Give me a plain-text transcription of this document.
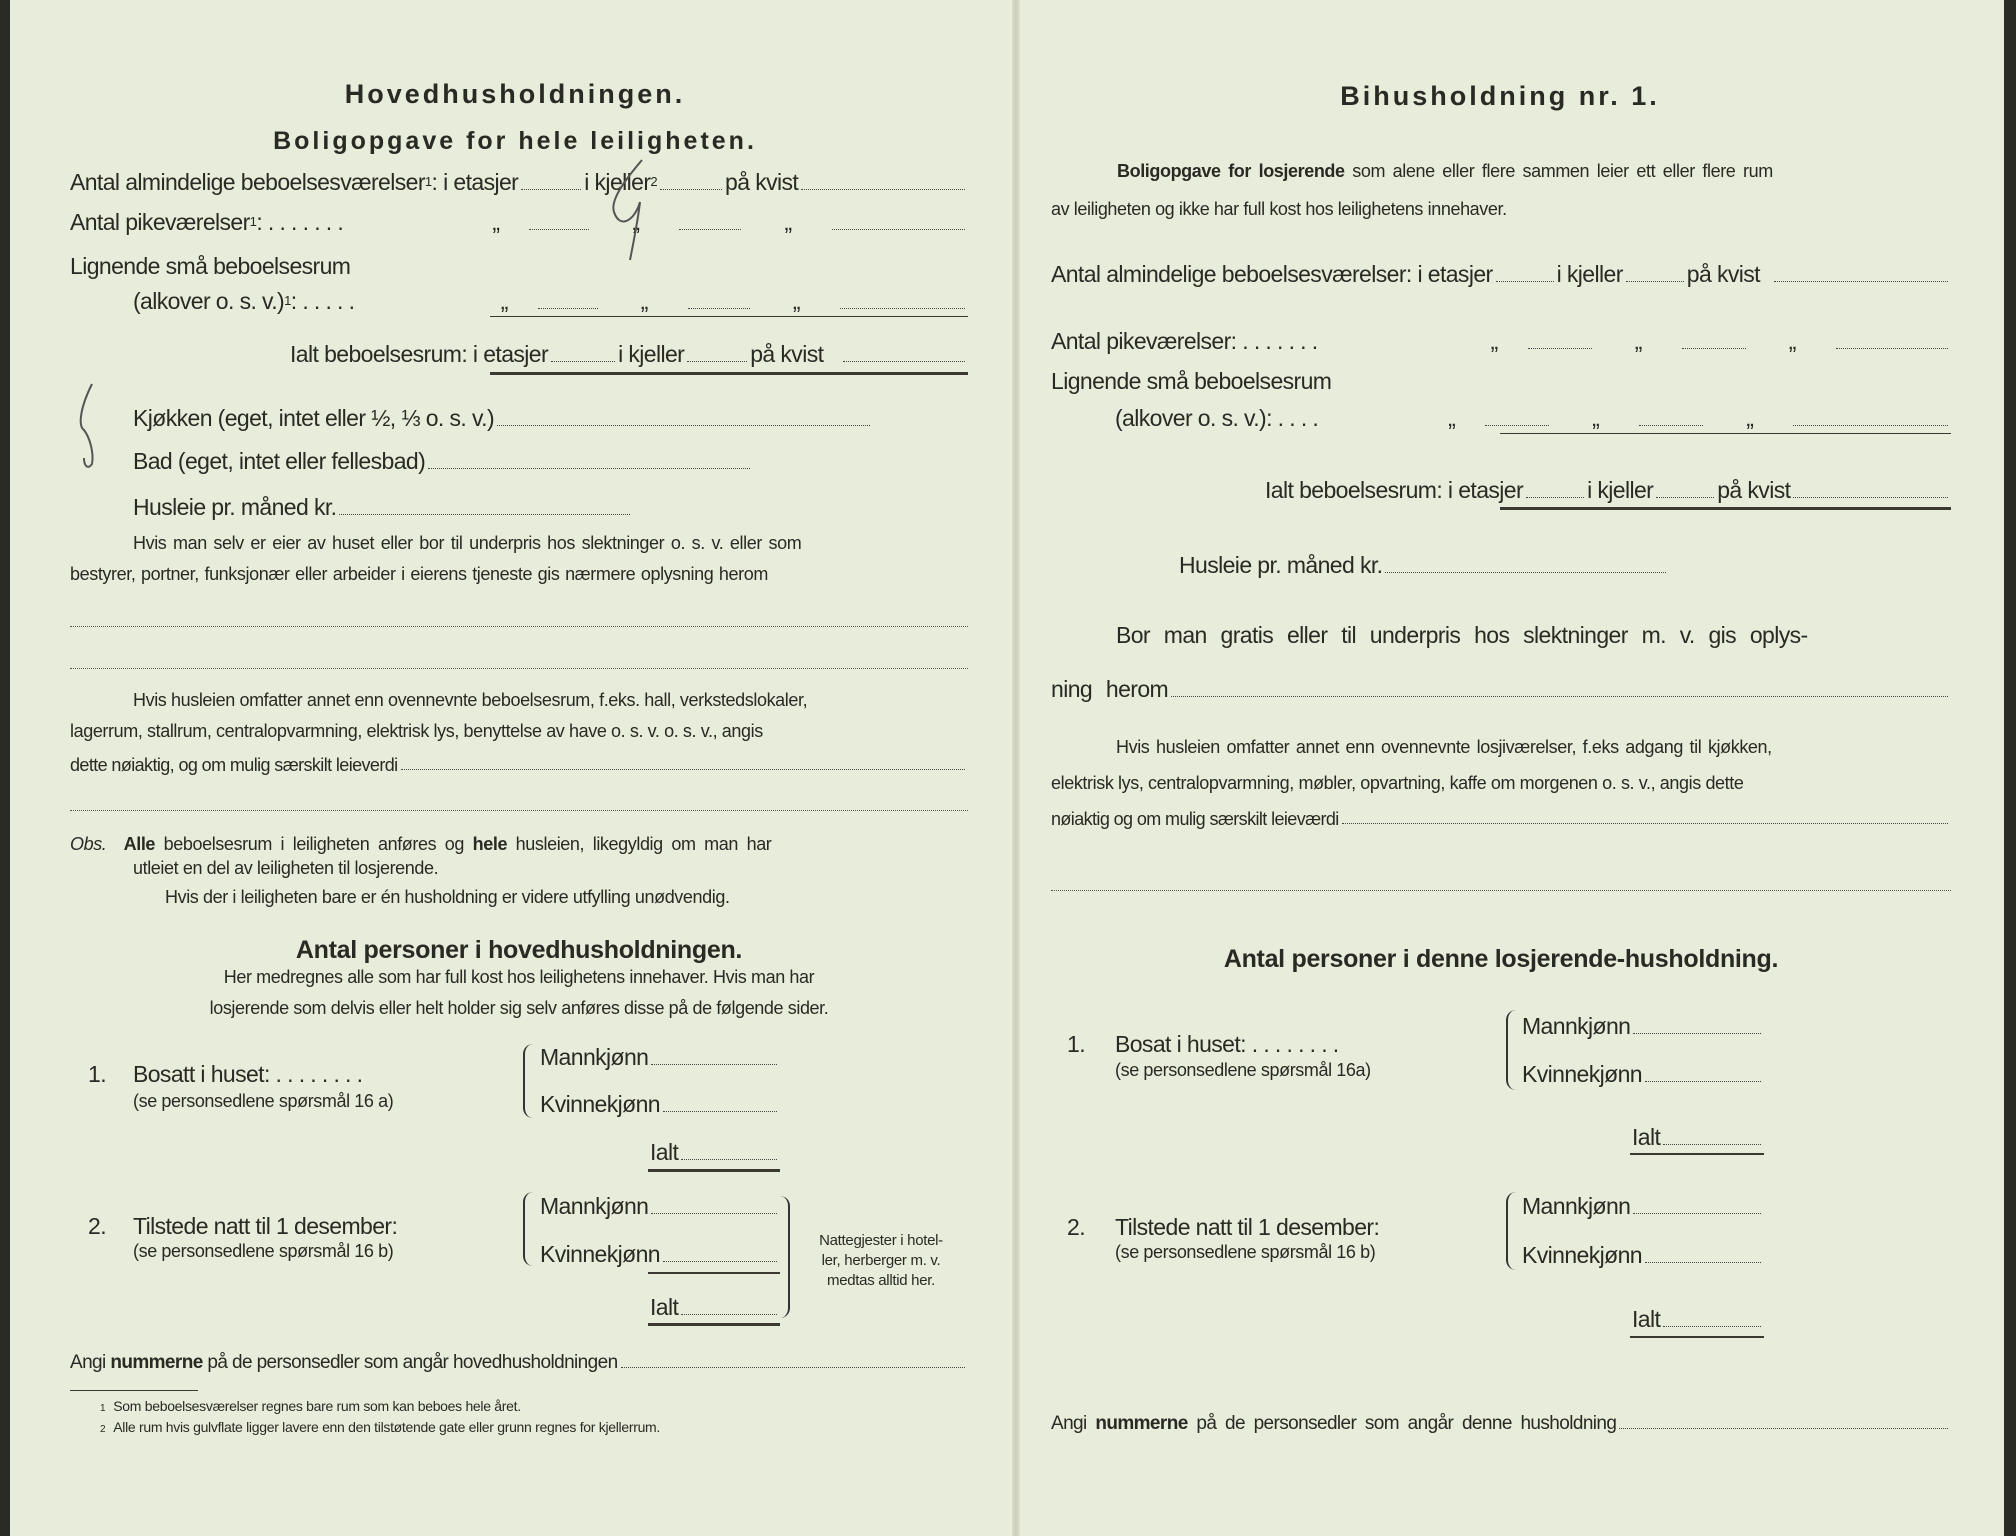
Hovedhusholdningen.
Boligopgave for hele leiligheten.
Antal almindelige beboelsesværelser 1 : i etasjer	i kjeller 2	på kvist
Antal pikeværelser 1 : . . . . . . .	„	„	„
Lignende små beboelsesrum
(alkover o. s. v.) 1 : . . . . .	„	„	„
Ialt beboelsesrum : i etasjer	i kjeller	på kvist
Kjøkken (eget, intet eller ½, ⅓ o. s. v.)
Bad (eget, intet eller fellesbad)
Husleie pr. måned kr.
Hvis man selv er eier av huset eller bor til underpris hos slektninger o. s. v. eller som
bestyrer, portner, funksjonær eller arbeider i eierens tjeneste gis nærmere oplysning herom
Hvis husleien omfatter annet enn ovennevnte beboelsesrum, f.eks. hall, verkstedslokaler,
lagerrum, stallrum, centralopvarmning, elektrisk lys, benyttelse av have o. s. v. o. s. v., angis
dette nøiaktig, og om mulig særskilt leieverdi
Obs. Alle beboelsesrum i leiligheten anføres og hele husleien, likegyldig om man har
utleiet en del av leiligheten til losjerende.
Hvis der i leiligheten bare er én husholdning er videre utfylling unødvendig.
Antal personer i hovedhusholdningen.
Her medregnes alle som har full kost hos leilighetens innehaver. Hvis man har
losjerende som delvis eller helt holder sig selv anføres disse på de følgende sider.
1. Bosatt i huset: . . . . . . . .
(se personsedlene spørsmål 16 a)
Mannkjønn
Kvinnekjønn
Ialt
2. Tilstede natt til 1 desember:
(se personsedlene spørsmål 16 b)
Mannkjønn
Kvinnekjønn
Ialt
Nattegjester i hotel-
ler, herberger m. v.
medtas alltid her.
Angi
nummerne
på de personsedler som angår hovedhusholdningen
1 Som beboelsesværelser regnes bare rum som kan beboes hele året.
2 Alle rum hvis gulvflate ligger lavere enn den tilstøtende gate eller grunn regnes for kjellerrum.
Bihusholdning nr. 1.
Boligopgave for losjerende som alene eller flere sammen leier ett eller flere rum
av leiligheten og ikke har full kost hos leilighetens innehaver.
Antal almindelige beboelsesværelser : i etasjer	i kjeller	på kvist
Antal pikeværelser : . . . . . . .	„	„	„
Lignende små beboelsesrum
(alkover o. s. v.) : . . . .	„	„	„
Ialt beboelsesrum : i etasjer	i kjeller	på kvist
Husleie pr. måned kr.
Bor man gratis eller til underpris hos slektninger m. v. gis oplys-
ning herom
Hvis husleien omfatter annet enn ovennevnte losjiværelser, f.eks adgang til kjøkken,
elektrisk lys, centralopvarmning, møbler, opvartning, kaffe om morgenen o. s. v., angis dette
nøiaktig og om mulig særskilt leieværdi
Antal personer i denne losjerende-husholdning.
1. Bosat i huset: . . . . . . . .
(se personsedlene spørsmål 16a)
Mannkjønn
Kvinnekjønn
Ialt
2. Tilstede natt til 1 desember:
(se personsedlene spørsmål 16 b)
Mannkjønn
Kvinnekjønn
Ialt
Angi
nummerne
på de personsedler som angår denne husholdning
